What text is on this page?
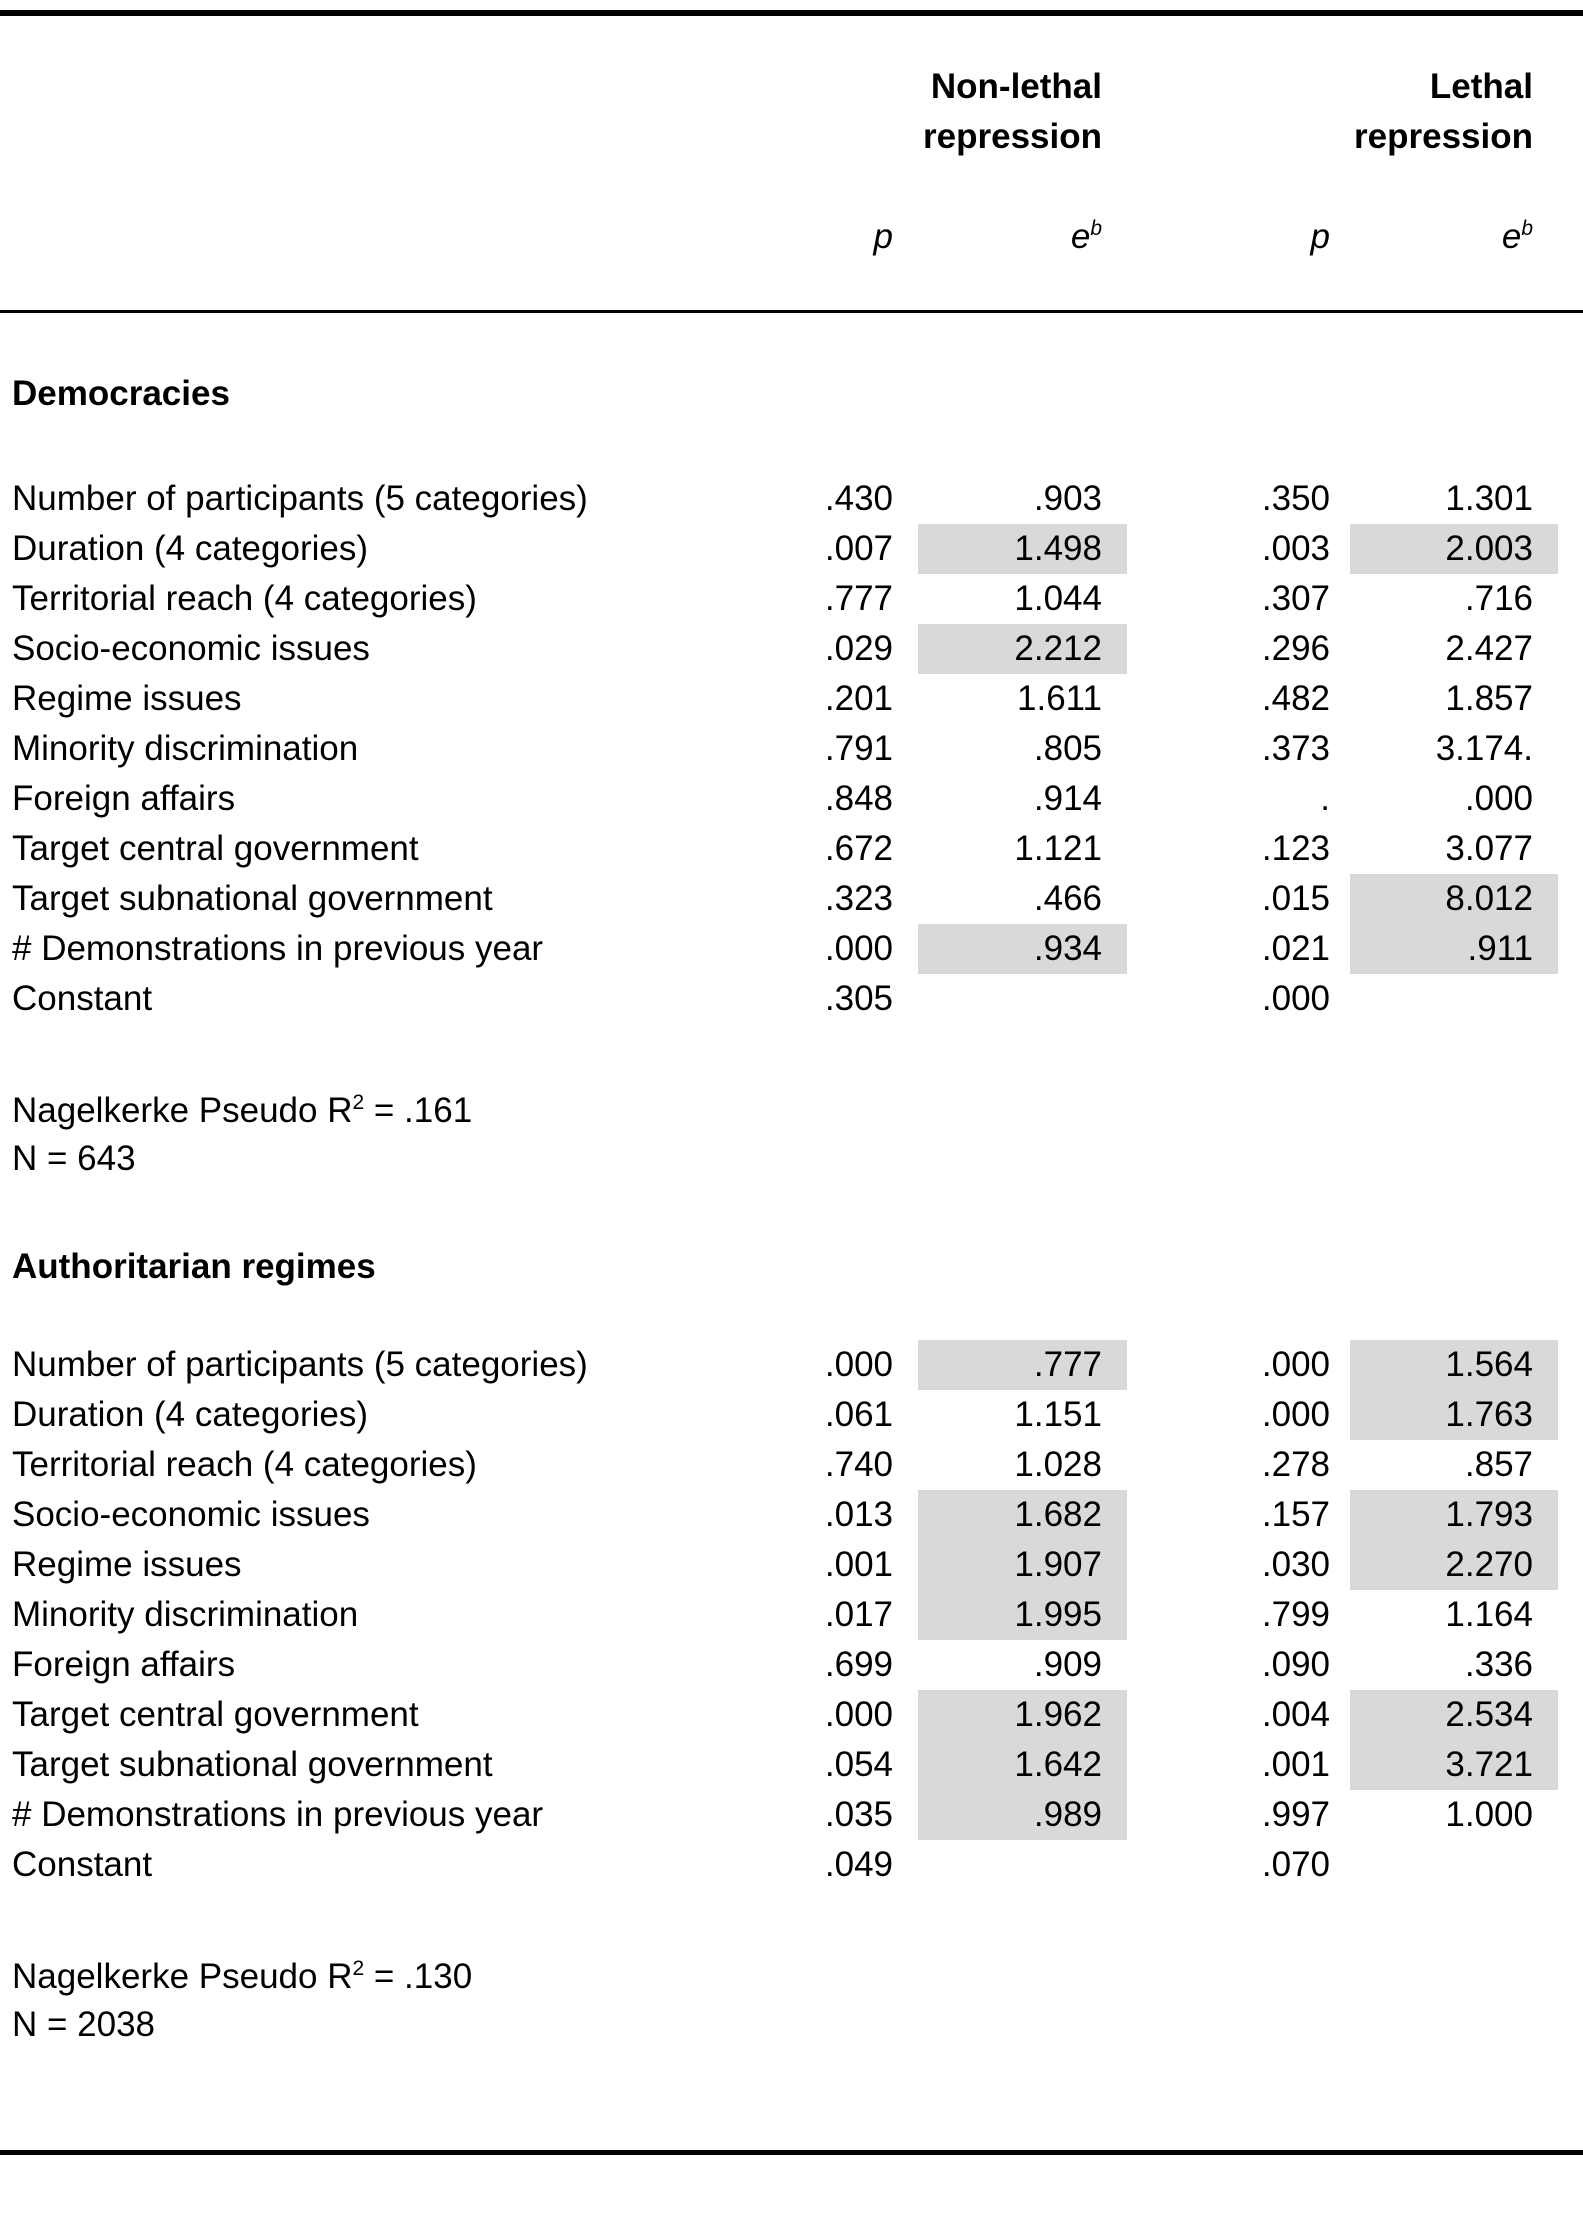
Non-lethal
repression

Lethal
repression

	p	$e^b$	p	$e^b$	
Democracies
Number of participants (5 categories)	.430	.903	.350	1.301	
Duration (4 categories)	.007	1.498	.003	2.003	
Territorial reach (4 categories)	.777	1.044	.307	.716	
Socio-economic issues	.029	2.212	.296	2.427	
Regime issues	.201	1.611	.482	1.857	
Minority discrimination	.791	.805	.373	3.174.	
Foreign affairs	.848	.914	.	.000	
Target central government	.672	1.121	.123	3.077	
Target subnational government	.323	.466	.015	8.012	
# Demonstrations in previous year	.000	.934	.021	.911	
Constant	.305		.000		
Nagelkerke Pseudo $R^2 = .161$
N = 643
Authoritarian regimes
Number of participants (5 categories)	.000	.777	.000	1.564	
Duration (4 categories)	.061	1.151	.000	1.763	
Territorial reach (4 categories)	.740	1.028	.278	.857	
Socio-economic issues	.013	1.682	.157	1.793	
Regime issues	.001	1.907	.030	2.270	
Minority discrimination	.017	1.995	.799	1.164	
Foreign affairs	.699	.909	.090	.336	
Target central government	.000	1.962	.004	2.534	
Target subnational government	.054	1.642	.001	3.721	
# Demonstrations in previous year	.035	.989	.997	1.000	
Constant	.049		.070		
Nagelkerke Pseudo $R^2 = .130$
N = 2038
